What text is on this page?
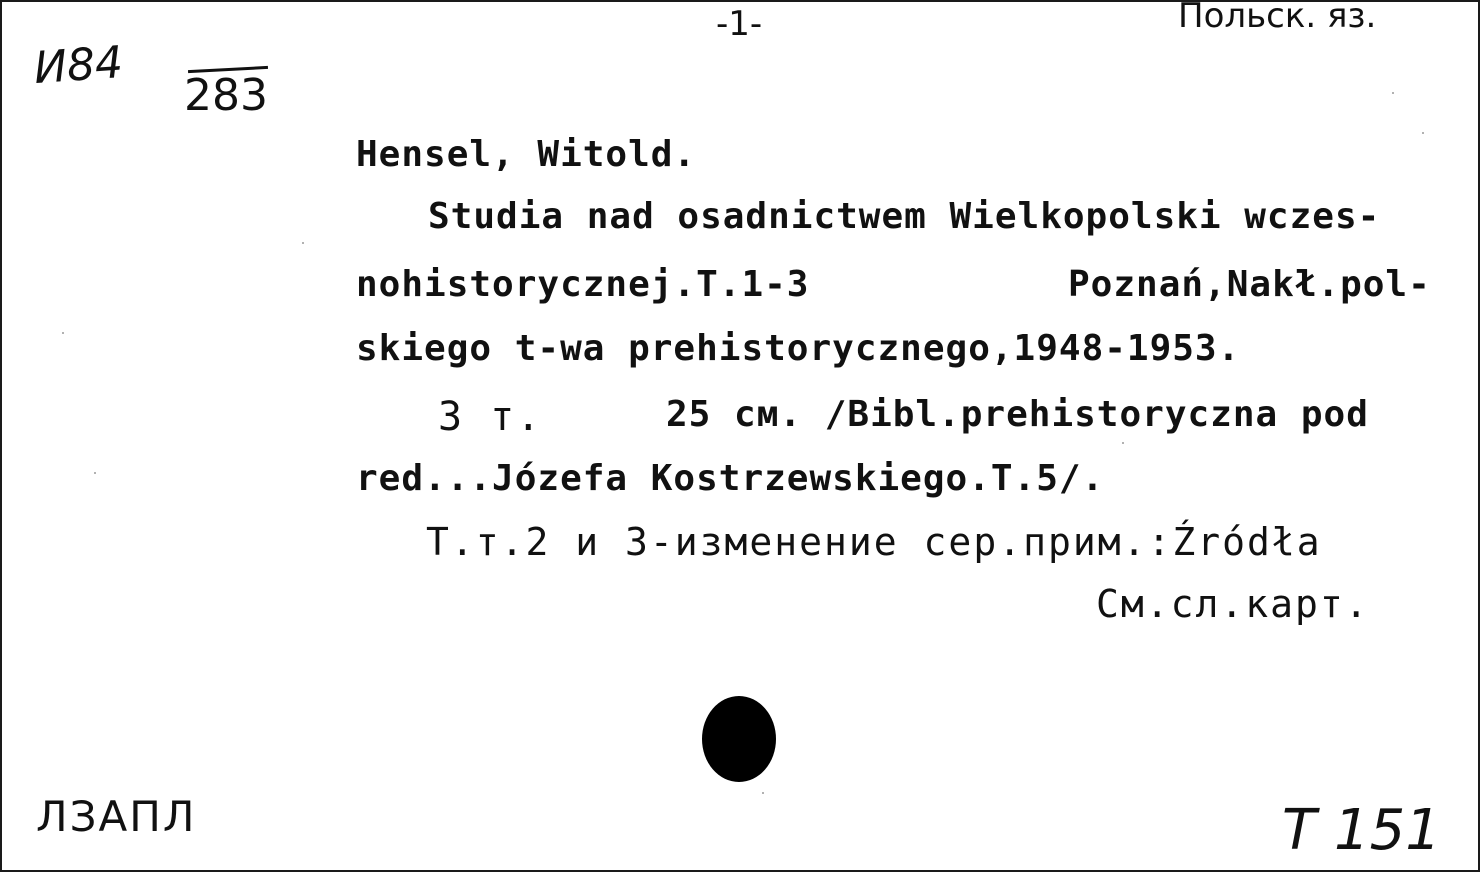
И84
283
-1-	Польск. яз.
Hensel, Witold.
Studia nad osadnictwem Wielkopolski wczes-
nohistorycznej.T.1-3	Poznań,Nakł.pol-
skiego t-wa prehistorycznego,1948-1953.
3 т.	25 см. /Bibl.prehistoryczna pod
red...Józefa Kostrzewskiego.T.5/.
Т.т.2 и 3-изменение сер.прим.:Źródła
См.сл.карт.
ЛЗАПЛ	Т 151
